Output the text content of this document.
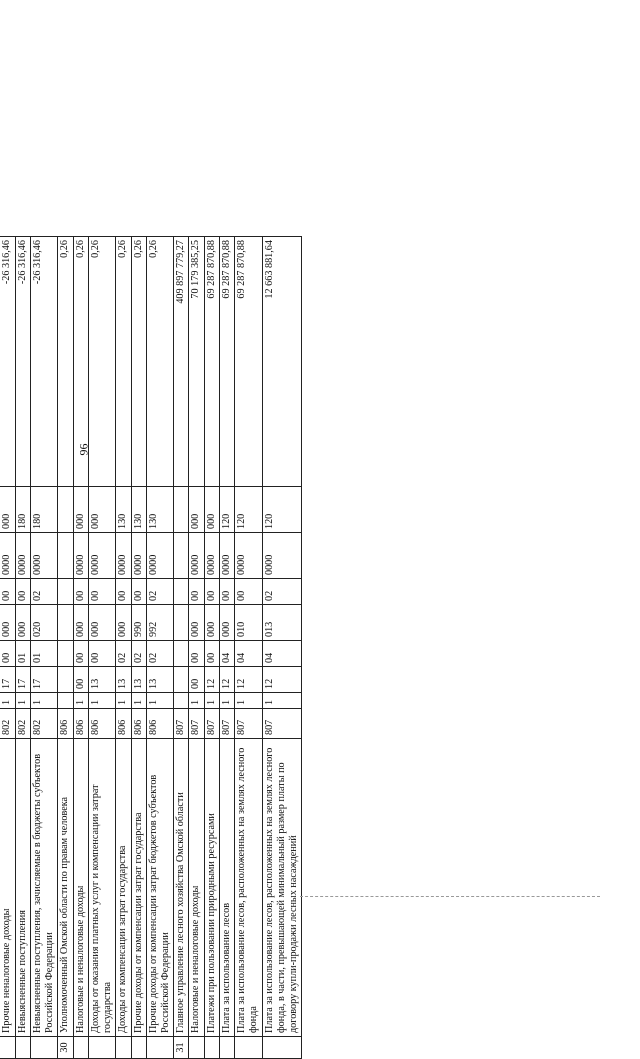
96

	Прочие неналоговые доходы	802	1	17	00	000	00	0000	000	-26 316,46
	Невыясненные поступления	802	1	17	01	000	00	0000	180	-26 316,46
	Невыясненные поступления, зачисляемые в бюджеты субъектов Российской Федерации	802	1	17	01	020	02	0000	180	-26 316,46
30	Уполномоченный Омской области по правам человека	806								0,26
	Налоговые и неналоговые доходы	806	1	00	00	000	00	0000	000	0,26
	Доходы от оказания платных услуг и компенсации затрат государства	806	1	13	00	000	00	0000	000	0,26
	Доходы от компенсации затрат государства	806	1	13	02	000	00	0000	130	0,26
	Прочие доходы от компенсации затрат государства	806	1	13	02	990	00	0000	130	0,26
	Прочие доходы от компенсации затрат бюджетов субъектов Российской Федерации	806	1	13	02	992	02	0000	130	0,26
31	Главное управление лесного хозяйства Омской области	807								409 897 779,27
	Налоговые и неналоговые доходы	807	1	00	00	000	00	0000	000	70 179 385,25
	Платежи при пользовании природными ресурсами	807	1	12	00	000	00	0000	000	69 287 870,88
	Плата за использование лесов	807	1	12	04	000	00	0000	120	69 287 870,88
	Плата за использование лесов, расположенных на землях лесного фонда	807	1	12	04	010	00	0000	120	69 287 870,88
	Плата за использование лесов, расположенных на землях лесного фонда, в части, превышающей минимальный размер платы по договору купли-продажи лесных насаждений	807	1	12	04	013	02	0000	120	12 663 881,64
